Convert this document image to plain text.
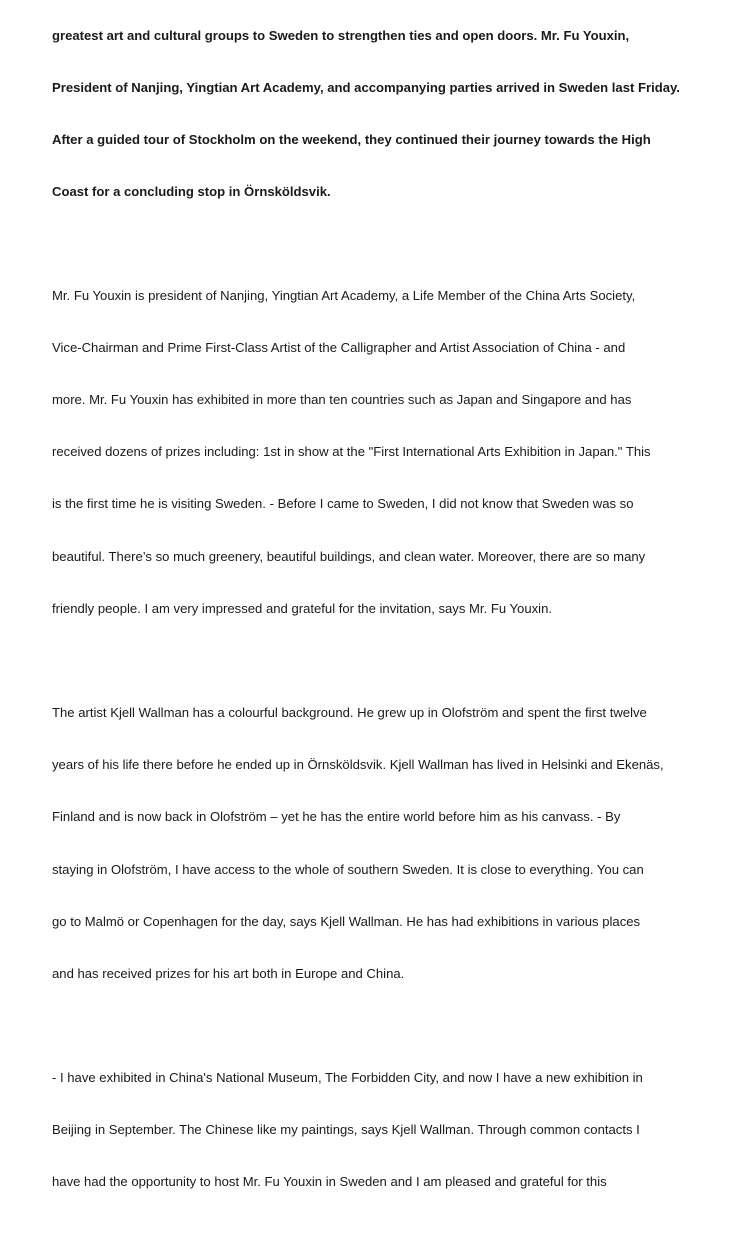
greatest art and cultural groups to Sweden to strengthen ties and open doors. Mr. Fu Youxin,

President of Nanjing, Yingtian Art Academy, and accompanying parties arrived in Sweden last Friday.

After a guided tour of Stockholm on the weekend, they continued their journey towards the High

Coast for a concluding stop in Örnsköldsvik.

Mr. Fu Youxin is president of Nanjing, Yingtian Art Academy, a Life Member of the China Arts Society,

Vice-Chairman and Prime First-Class Artist of the Calligrapher and Artist Association of China - and

more. Mr. Fu Youxin has exhibited in more than ten countries such as Japan and Singapore and has

received dozens of prizes including: 1st in show at the "First International Arts Exhibition in Japan." This

is the first time he is visiting Sweden. - Before I came to Sweden, I did not know that Sweden was so

beautiful. There’s so much greenery, beautiful buildings, and clean water. Moreover, there are so many

friendly people. I am very impressed and grateful for the invitation, says Mr. Fu Youxin.

The artist Kjell Wallman has a colourful background. He grew up in Olofström and spent the first twelve

years of his life there before he ended up in Örnsköldsvik. Kjell Wallman has lived in Helsinki and Ekenäs,

Finland and is now back in Olofström – yet he has the entire world before him as his canvass. - By

staying in Olofström, I have access to the whole of southern Sweden. It is close to everything. You can

go to Malmö or Copenhagen for the day, says Kjell Wallman. He has had exhibitions in various places

and has received prizes for his art both in Europe and China.

- I have exhibited in China's National Museum, The Forbidden City, and now I have a new exhibition in

Beijing in September. The Chinese like my paintings, says Kjell Wallman. Through common contacts I

have had the opportunity to host Mr. Fu Youxin in Sweden and I am pleased and grateful for this
